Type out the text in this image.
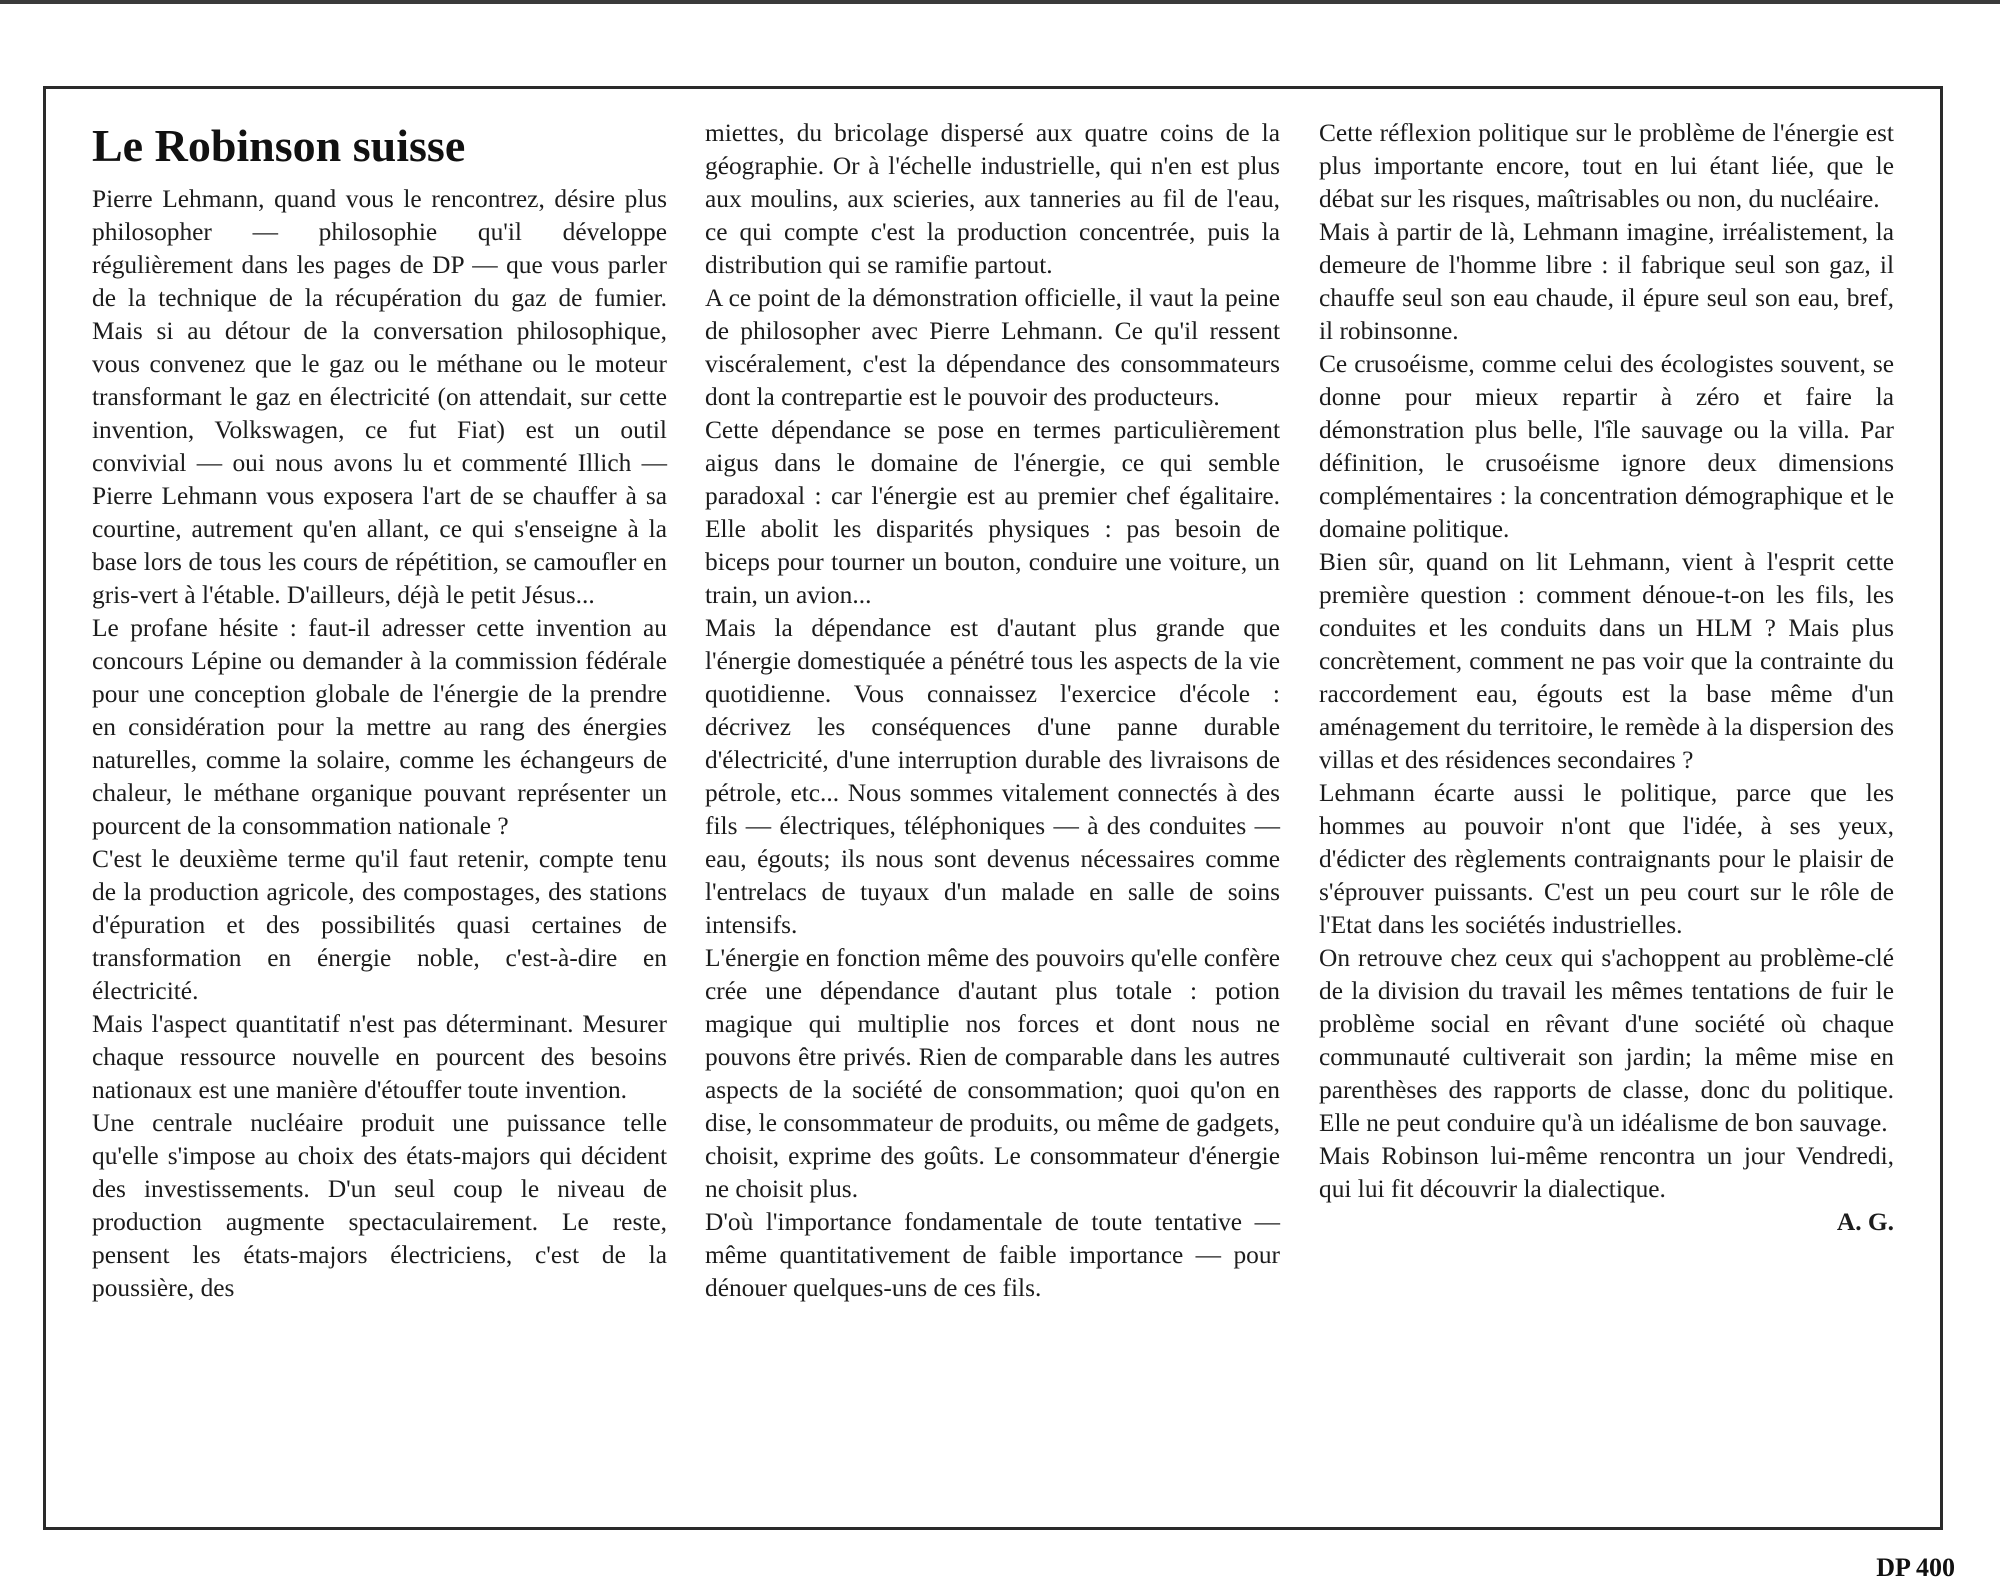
Le Robinson suisse

Pierre Lehmann, quand vous le rencontrez, désire plus philosopher — philosophie qu'il développe régulièrement dans les pages de DP — que vous parler de la technique de la récupération du gaz de fumier. Mais si au détour de la conversation philosophique, vous convenez que le gaz ou le méthane ou le moteur transformant le gaz en électricité (on attendait, sur cette invention, Volkswagen, ce fut Fiat) est un outil convivial — oui nous avons lu et commenté Illich — Pierre Lehmann vous exposera l'art de se chauffer à sa courtine, autrement qu'en allant, ce qui s'enseigne à la base lors de tous les cours de répétition, se camoufler en gris-vert à l'étable. D'ailleurs, déjà le petit Jésus...

Le profane hésite : faut-il adresser cette invention au concours Lépine ou demander à la commission fédérale pour une conception globale de l'énergie de la prendre en considération pour la mettre au rang des énergies naturelles, comme la solaire, comme les échangeurs de chaleur, le méthane organique pouvant représenter un pourcent de la consommation nationale ?

C'est le deuxième terme qu'il faut retenir, compte tenu de la production agricole, des compostages, des stations d'épuration et des possibilités quasi certaines de transformation en énergie noble, c'est-à-dire en électricité.

Mais l'aspect quantitatif n'est pas déterminant. Mesurer chaque ressource nouvelle en pourcent des besoins nationaux est une manière d'étouffer toute invention.

Une centrale nucléaire produit une puissance telle qu'elle s'impose au choix des états-majors qui décident des investissements. D'un seul coup le niveau de production augmente spectaculairement. Le reste, pensent les états-majors électriciens, c'est de la poussière, des

miettes, du bricolage dispersé aux quatre coins de la géographie. Or à l'échelle industrielle, qui n'en est plus aux moulins, aux scieries, aux tanneries au fil de l'eau, ce qui compte c'est la production concentrée, puis la distribution qui se ramifie partout.

A ce point de la démonstration officielle, il vaut la peine de philosopher avec Pierre Lehmann. Ce qu'il ressent viscéralement, c'est la dépendance des consommateurs dont la contrepartie est le pouvoir des producteurs.

Cette dépendance se pose en termes particulièrement aigus dans le domaine de l'énergie, ce qui semble paradoxal : car l'énergie est au premier chef égalitaire. Elle abolit les disparités physiques : pas besoin de biceps pour tourner un bouton, conduire une voiture, un train, un avion...

Mais la dépendance est d'autant plus grande que l'énergie domestiquée a pénétré tous les aspects de la vie quotidienne. Vous connaissez l'exercice d'école : décrivez les conséquences d'une panne durable d'électricité, d'une interruption durable des livraisons de pétrole, etc... Nous sommes vitalement connectés à des fils — électriques, téléphoniques — à des conduites — eau, égouts; ils nous sont devenus nécessaires comme l'entrelacs de tuyaux d'un malade en salle de soins intensifs.

L'énergie en fonction même des pouvoirs qu'elle confère crée une dépendance d'autant plus totale : potion magique qui multiplie nos forces et dont nous ne pouvons être privés. Rien de comparable dans les autres aspects de la société de consommation; quoi qu'on en dise, le consommateur de produits, ou même de gadgets, choisit, exprime des goûts. Le consommateur d'énergie ne choisit plus.

D'où l'importance fondamentale de toute tentative — même quantitativement de faible importance — pour dénouer quelques-uns de ces fils.

Cette réflexion politique sur le problème de l'énergie est plus importante encore, tout en lui étant liée, que le débat sur les risques, maîtrisables ou non, du nucléaire.

Mais à partir de là, Lehmann imagine, irréalistement, la demeure de l'homme libre : il fabrique seul son gaz, il chauffe seul son eau chaude, il épure seul son eau, bref, il robinsonne.

Ce crusoéisme, comme celui des écologistes souvent, se donne pour mieux repartir à zéro et faire la démonstration plus belle, l'île sauvage ou la villa. Par définition, le crusoéisme ignore deux dimensions complémentaires : la concentration démographique et le domaine politique.

Bien sûr, quand on lit Lehmann, vient à l'esprit cette première question : comment dénoue-t-on les fils, les conduites et les conduits dans un HLM ? Mais plus concrètement, comment ne pas voir que la contrainte du raccordement eau, égouts est la base même d'un aménagement du territoire, le remède à la dispersion des villas et des résidences secondaires ?

Lehmann écarte aussi le politique, parce que les hommes au pouvoir n'ont que l'idée, à ses yeux, d'édicter des règlements contraignants pour le plaisir de s'éprouver puissants. C'est un peu court sur le rôle de l'Etat dans les sociétés industrielles.

On retrouve chez ceux qui s'achoppent au problème-clé de la division du travail les mêmes tentations de fuir le problème social en rêvant d'une société où chaque communauté cultiverait son jardin; la même mise en parenthèses des rapports de classe, donc du politique. Elle ne peut conduire qu'à un idéalisme de bon sauvage.

Mais Robinson lui-même rencontra un jour Vendredi, qui lui fit découvrir la dialectique.

A. G.

DP 400
